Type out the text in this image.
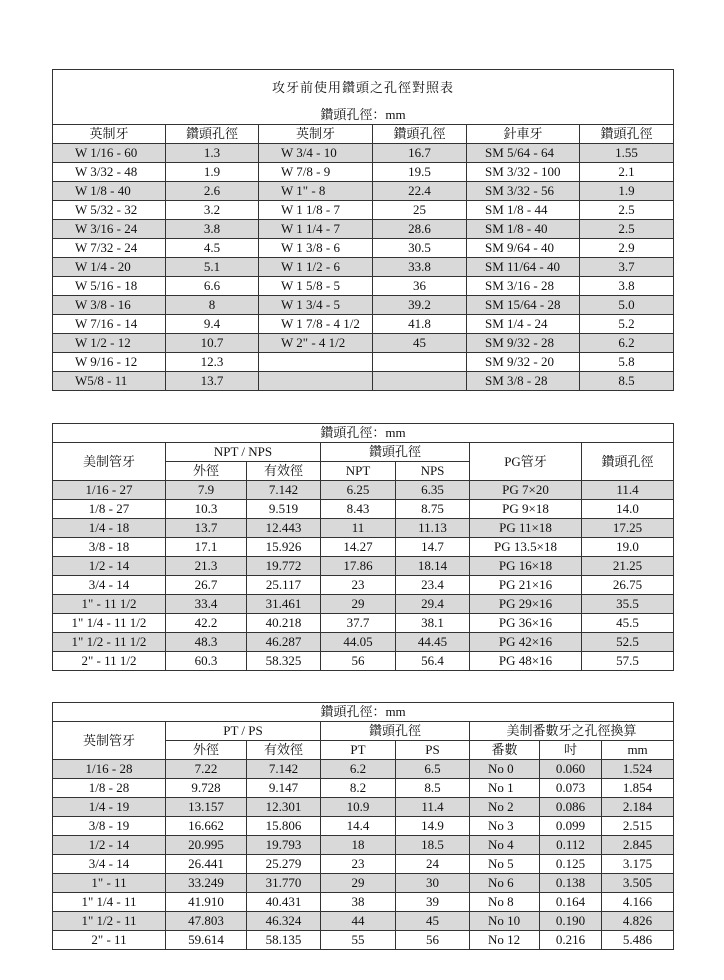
攻牙前使用鑽頭之孔徑對照表					
鑽頭孔徑：mm					
英制牙	鑽頭孔徑	英制牙	鑽頭孔徑	針車牙	鑽頭孔徑
W 1/16 - 60	1.3	W 3/4 - 10	16.7	SM 5/64 - 64	1.55
W 3/32 - 48	1.9	W 7/8 - 9	19.5	SM 3/32 - 100	2.1
W 1/8 - 40	2.6	W 1" - 8	22.4	SM 3/32 - 56	1.9
W 5/32 - 32	3.2	W 1 1/8 - 7	25	SM 1/8 - 44	2.5
W 3/16 - 24	3.8	W 1 1/4 - 7	28.6	SM 1/8 - 40	2.5
W 7/32 - 24	4.5	W 1 3/8 - 6	30.5	SM 9/64 - 40	2.9
W 1/4 - 20	5.1	W 1 1/2 - 6	33.8	SM 11/64 - 40	3.7
W 5/16 - 18	6.6	W 1 5/8 - 5	36	SM 3/16 - 28	3.8
W 3/8 - 16	8	W 1 3/4 - 5	39.2	SM 15/64 - 28	5.0
W 7/16 - 14	9.4	W 1 7/8 - 4 1/2	41.8	SM 1/4 - 24	5.2
W 1/2 - 12	10.7	W 2" - 4 1/2	45	SM 9/32 - 28	6.2
W 9/16 - 12	12.3			SM 9/32 - 20	5.8
W5/8 - 11	13.7			SM 3/8 - 28	8.5
鑽頭孔徑：mm						
美制管牙	NPT / NPS		鑽頭孔徑		PG管牙	鑽頭孔徑
	外徑	有效徑	NPT	NPS		
1/16 - 27	7.9	7.142	6.25	6.35	PG 7×20	11.4
1/8 - 27	10.3	9.519	8.43	8.75	PG 9×18	14.0
1/4 - 18	13.7	12.443	11	11.13	PG 11×18	17.25
3/8 - 18	17.1	15.926	14.27	14.7	PG 13.5×18	19.0
1/2 - 14	21.3	19.772	17.86	18.14	PG 16×18	21.25
3/4 - 14	26.7	25.117	23	23.4	PG 21×16	26.75
1" - 11 1/2	33.4	31.461	29	29.4	PG 29×16	35.5
1" 1/4 - 11 1/2	42.2	40.218	37.7	38.1	PG 36×16	45.5
1" 1/2 - 11 1/2	48.3	46.287	44.05	44.45	PG 42×16	52.5
2" - 11 1/2	60.3	58.325	56	56.4	PG 48×16	57.5
鑽頭孔徑：mm							
英制管牙	PT / PS		鑽頭孔徑		美制番數牙之孔徑換算		
	外徑	有效徑	PT	PS	番數	吋	mm
1/16 - 28	7.22	7.142	6.2	6.5	No 0	0.060	1.524
1/8 - 28	9.728	9.147	8.2	8.5	No 1	0.073	1.854
1/4 - 19	13.157	12.301	10.9	11.4	No 2	0.086	2.184
3/8 - 19	16.662	15.806	14.4	14.9	No 3	0.099	2.515
1/2 - 14	20.995	19.793	18	18.5	No 4	0.112	2.845
3/4 - 14	26.441	25.279	23	24	No 5	0.125	3.175
1" - 11	33.249	31.770	29	30	No 6	0.138	3.505
1" 1/4 - 11	41.910	40.431	38	39	No 8	0.164	4.166
1" 1/2 - 11	47.803	46.324	44	45	No 10	0.190	4.826
2" - 11	59.614	58.135	55	56	No 12	0.216	5.486
